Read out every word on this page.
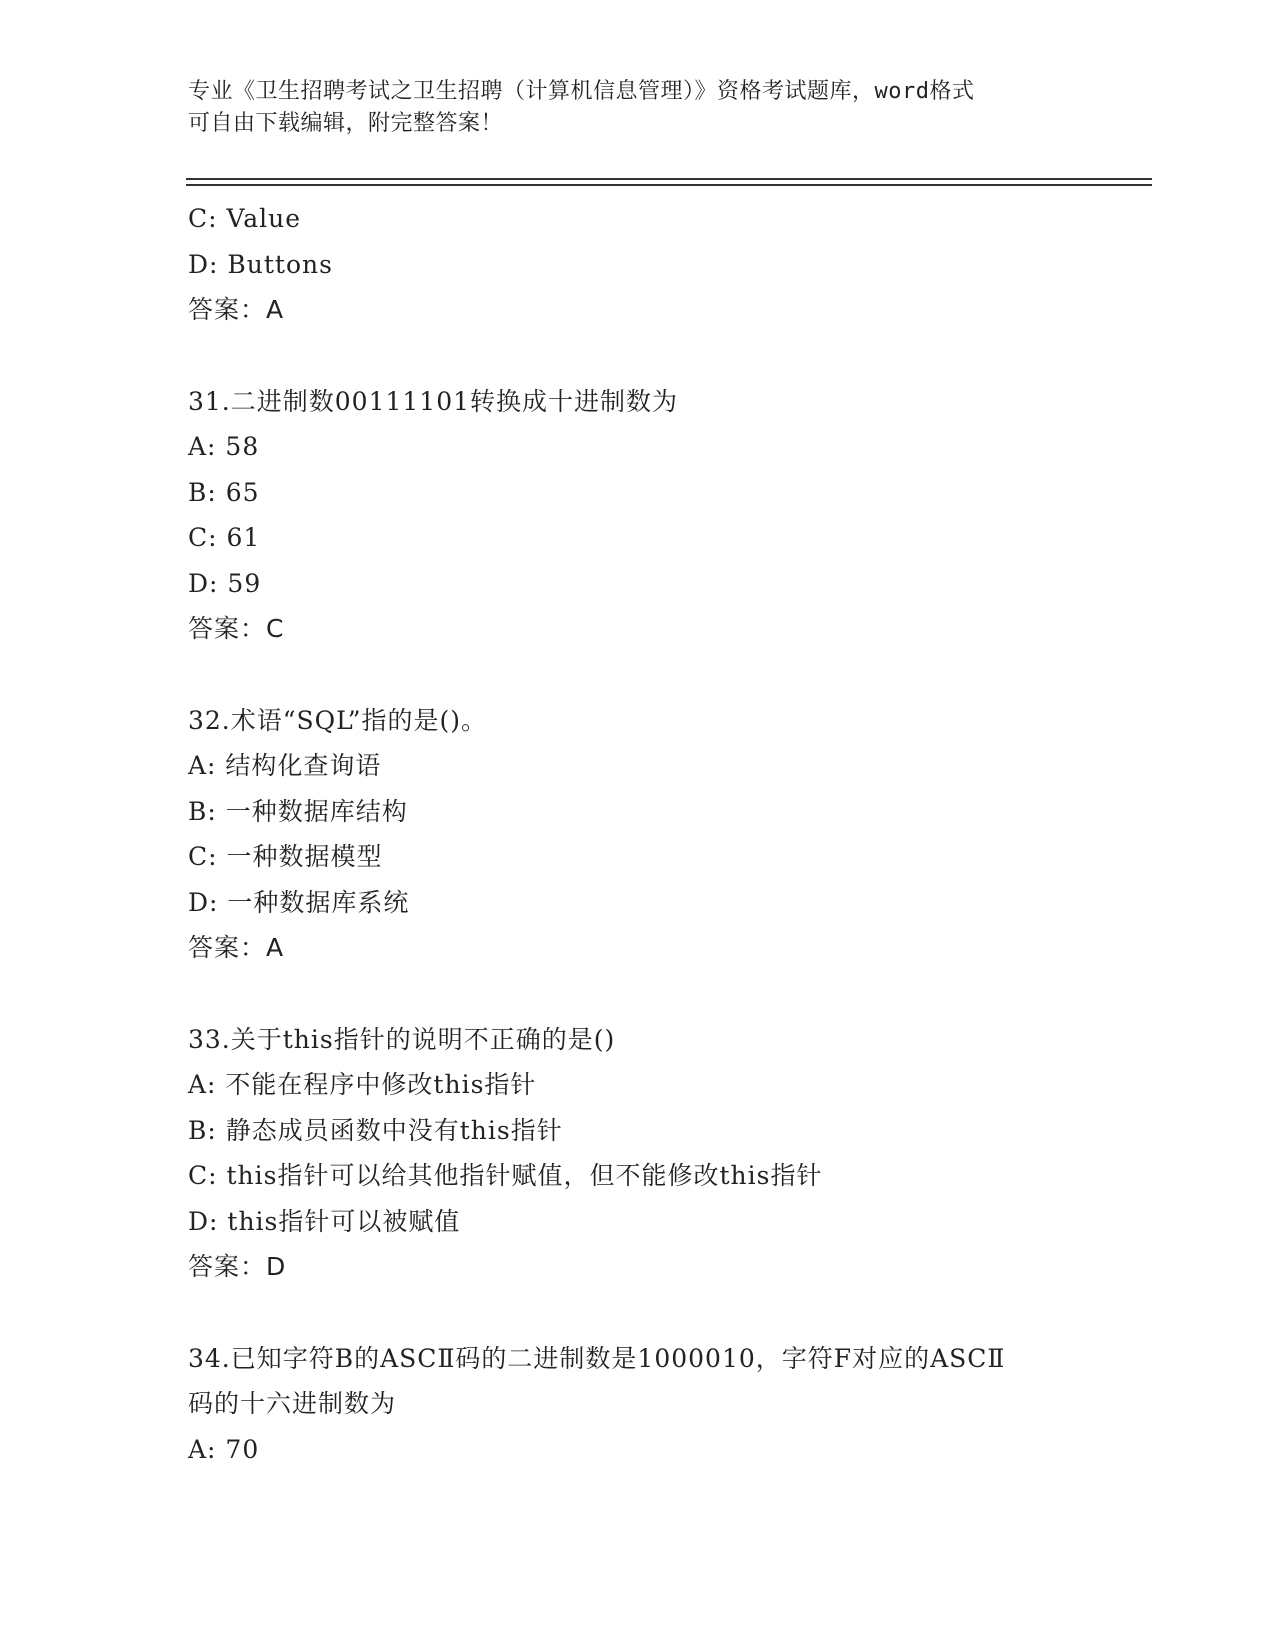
专业《卫生招聘考试之卫生招聘（计算机信息管理）》资格考试题库，word格式
可自由下载编辑，附完整答案！
C: Value
D: Buttons
答案：A
31.二进制数00111101转换成十进制数为
A: 58
B: 65
C: 61
D: 59
答案：C
32.术语“SQL”指的是()。
A: 结构化查询语
B: 一种数据库结构
C: 一种数据模型
D: 一种数据库系统
答案：A
33.关于this指针的说明不正确的是()
A: 不能在程序中修改this指针
B: 静态成员函数中没有this指针
C: this指针可以给其他指针赋值，但不能修改this指针
D: this指针可以被赋值
答案：D
34.已知字符B的ASCⅡ码的二进制数是1000010，字符F对应的ASCⅡ
码的十六进制数为
A: 70
